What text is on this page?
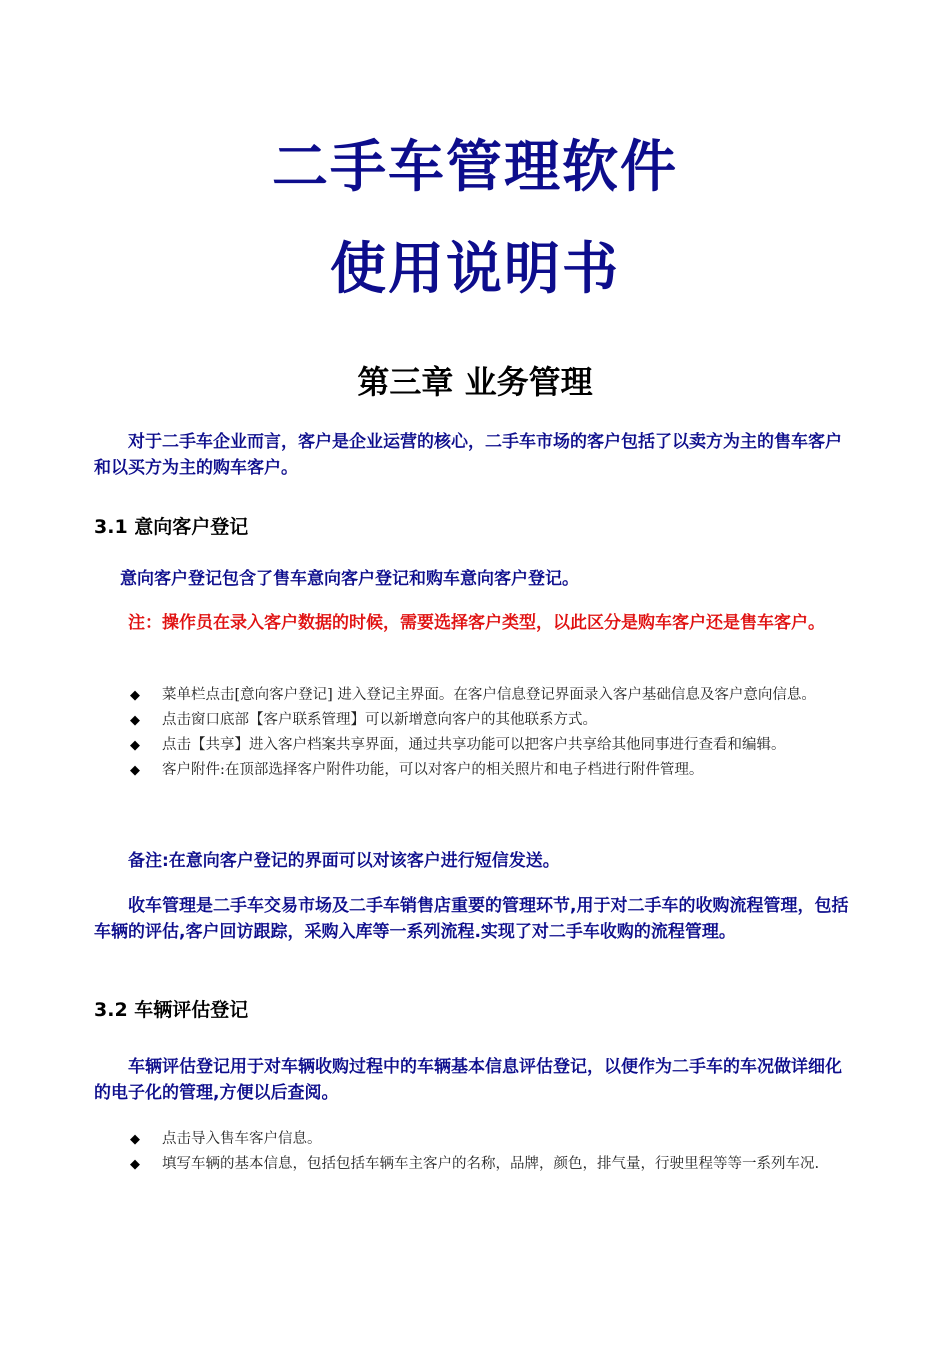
二手车管理软件
使用说明书
第三章 业务管理

对于二手车企业而言，客户是企业运营的核心，二手车市场的客户包括了以卖方为主的售车客户和以买方为主的购车客户。

3.1 意向客户登记

意向客户登记包含了售车意向客户登记和购车意向客户登记。

注：操作员在录入客户数据的时候，需要选择客户类型，以此区分是购车客户还是售车客户。

◆ 菜单栏点击[意向客户登记] 进入登记主界面。在客户信息登记界面录入客户基础信息及客户意向信息。
◆ 点击窗口底部【客户联系管理】可以新增意向客户的其他联系方式。
◆ 点击【共享】进入客户档案共享界面，通过共享功能可以把客户共享给其他同事进行查看和编辑。
◆ 客户附件:在顶部选择客户附件功能，可以对客户的相关照片和电子档进行附件管理。

备注:在意向客户登记的界面可以对该客户进行短信发送。

收车管理是二手车交易市场及二手车销售店重要的管理环节,用于对二手车的收购流程管理，包括车辆的评估,客户回访跟踪，采购入库等一系列流程.实现了对二手车收购的流程管理。

3.2 车辆评估登记

车辆评估登记用于对车辆收购过程中的车辆基本信息评估登记，以便作为二手车的车况做详细化的电子化的管理,方便以后查阅。

◆ 点击导入售车客户信息。
◆ 填写车辆的基本信息，包括包括车辆车主客户的名称，品牌，颜色，排气量，行驶里程等等一系列车况.
